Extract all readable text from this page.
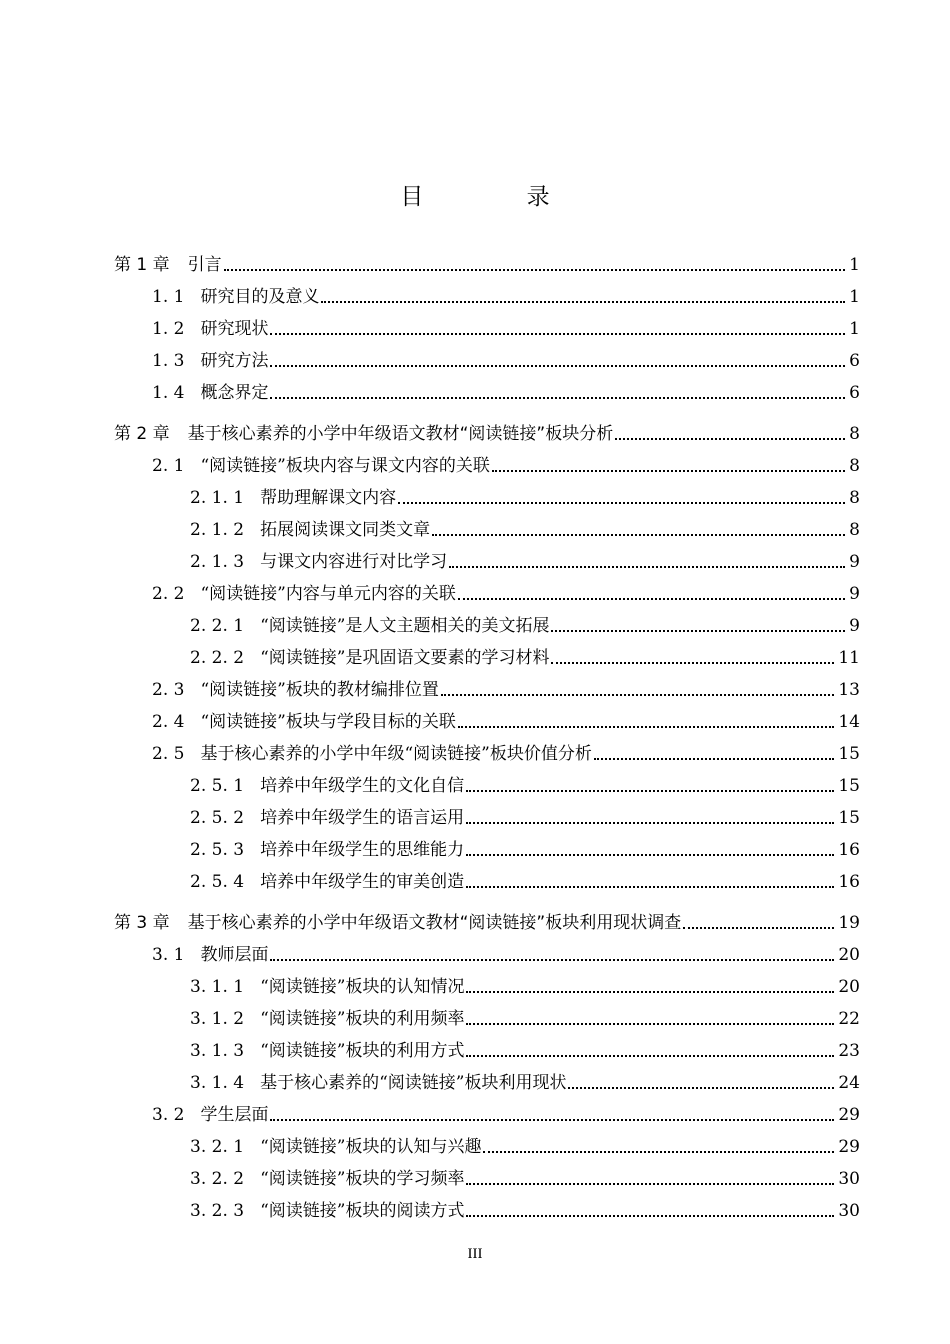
目 录
第 1 章 引言	1
1. 1 研究目的及意义	1
1. 2 研究现状	1
1. 3 研究方法	6
1. 4 概念界定	6
第 2 章 基于核心素养的小学中年级语文教材“阅读链接”板块分析	8
2. 1 “阅读链接”板块内容与课文内容的关联	8
2. 1. 1 帮助理解课文内容	8
2. 1. 2 拓展阅读课文同类文章	8
2. 1. 3 与课文内容进行对比学习	9
2. 2 “阅读链接”内容与单元内容的关联	9
2. 2. 1 “阅读链接”是人文主题相关的美文拓展	9
2. 2. 2 “阅读链接”是巩固语文要素的学习材料	11
2. 3 “阅读链接”板块的教材编排位置	13
2. 4 “阅读链接”板块与学段目标的关联	14
2. 5 基于核心素养的小学中年级“阅读链接”板块价值分析	15
2. 5. 1 培养中年级学生的文化自信	15
2. 5. 2 培养中年级学生的语言运用	15
2. 5. 3 培养中年级学生的思维能力	16
2. 5. 4 培养中年级学生的审美创造	16
第 3 章 基于核心素养的小学中年级语文教材“阅读链接”板块利用现状调查	19
3. 1 教师层面	20
3. 1. 1 “阅读链接”板块的认知情况	20
3. 1. 2 “阅读链接”板块的利用频率	22
3. 1. 3 “阅读链接”板块的利用方式	23
3. 1. 4 基于核心素养的“阅读链接”板块利用现状	24
3. 2 学生层面	29
3. 2. 1 “阅读链接”板块的认知与兴趣	29
3. 2. 2 “阅读链接”板块的学习频率	30
3. 2. 3 “阅读链接”板块的阅读方式	30
III
